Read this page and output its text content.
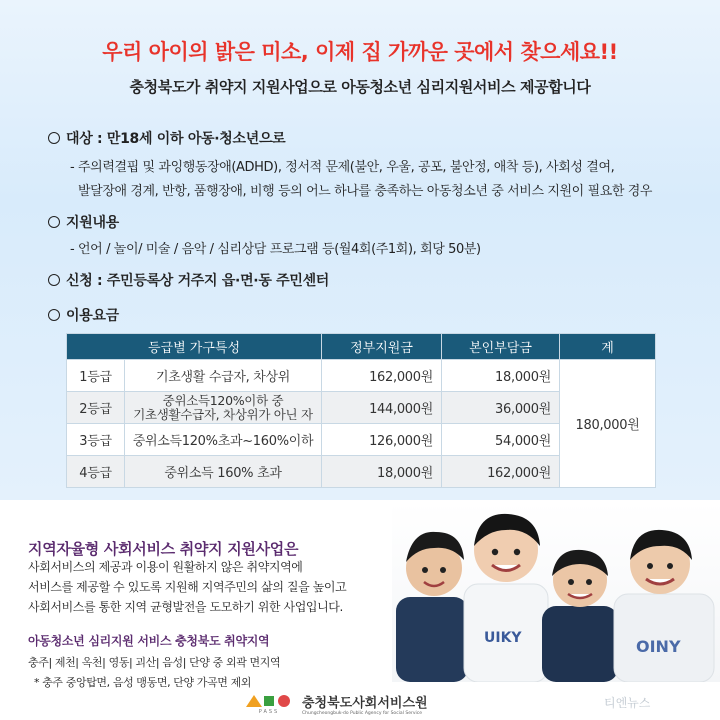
우리 아이의 밝은 미소, 이제 집 가까운 곳에서 찾으세요!!
충청북도가 취약지 지원사업으로 아동청소년 심리지원서비스 제공합니다
대상 : 만18세 이하 아동·청소년으로
- 주의력결핍 및 과잉행동장애(ADHD), 정서적 문제(불안, 우울, 공포, 불안정, 애착 등), 사회성 결여,
발달장애 경계, 반항, 품행장애, 비행 등의 어느 하나를 충족하는 아동청소년 중 서비스 지원이 필요한 경우
지원내용
- 언어 / 놀이/ 미술 / 음악 / 심리상담 프로그램 등(월4회(주1회), 회당 50분)
신청 : 주민등록상 거주지 읍·면·동 주민센터
이용요금
등급별 가구특성		정부지원금	본인부담금	계
1등급	기초생활 수급자, 차상위	162,000원	18,000원	180,000원
2등급	중위소득120%이하 중
기초생활수급자, 차상위가 아닌 자	144,000원	36,000원	
3등급	중위소득120%초과~160%이하	126,000원	54,000원	
4등급	중위소득 160% 초과	18,000원	162,000원	
지역자율형 사회서비스 취약지 지원사업은
사회서비스의 제공과 이용이 원활하지 않은 취약지역에
서비스를 제공할 수 있도록 지원해 지역주민의 삶의 질을 높이고
사회서비스를 통한 지역 균형발전을 도모하기 위한 사업입니다.
아동청소년 심리지원 서비스 충청북도 취약지역
충주| 제천| 옥천| 영동| 괴산| 음성| 단양 중 외곽 면지역
* 충주 중앙탑면, 음성 맹동면, 단양 가곡면 제외
UIKY	OINY
PASS
충청북도사회서비스원
Chungcheongbuk-do Public Agency for Social Service
티엔뉴스
